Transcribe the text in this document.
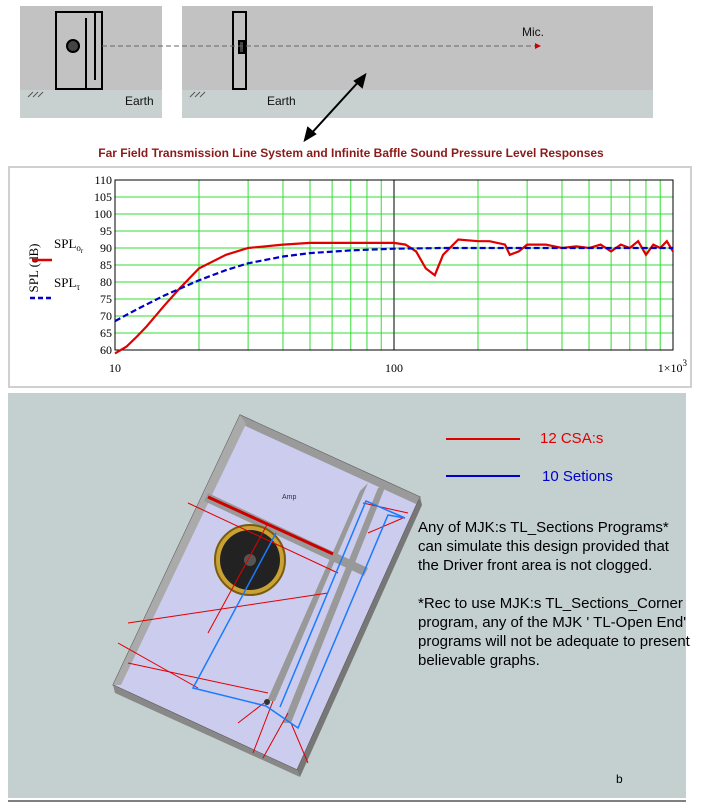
Earth	Earth
Mic.
Far Field Transmission Line System and Infinite Baffle Sound Pressure Level Responses
60
65
70
75
80
85
90
95
100
105
110
10	100	$1\times 10^3$
SPL (dB) $SPL_or$
$SPL_\tau$
Amp
12 CSA:s
10 Setions

Any of MJK:s TL_Sections Programs* can simulate this design provided that the Driver front area is not clogged.

*Rec to use MJK:s TL_Sections_Corner program, any of the MJK ' TL-Open End' programs will not be adequate to present believable graphs.

b
